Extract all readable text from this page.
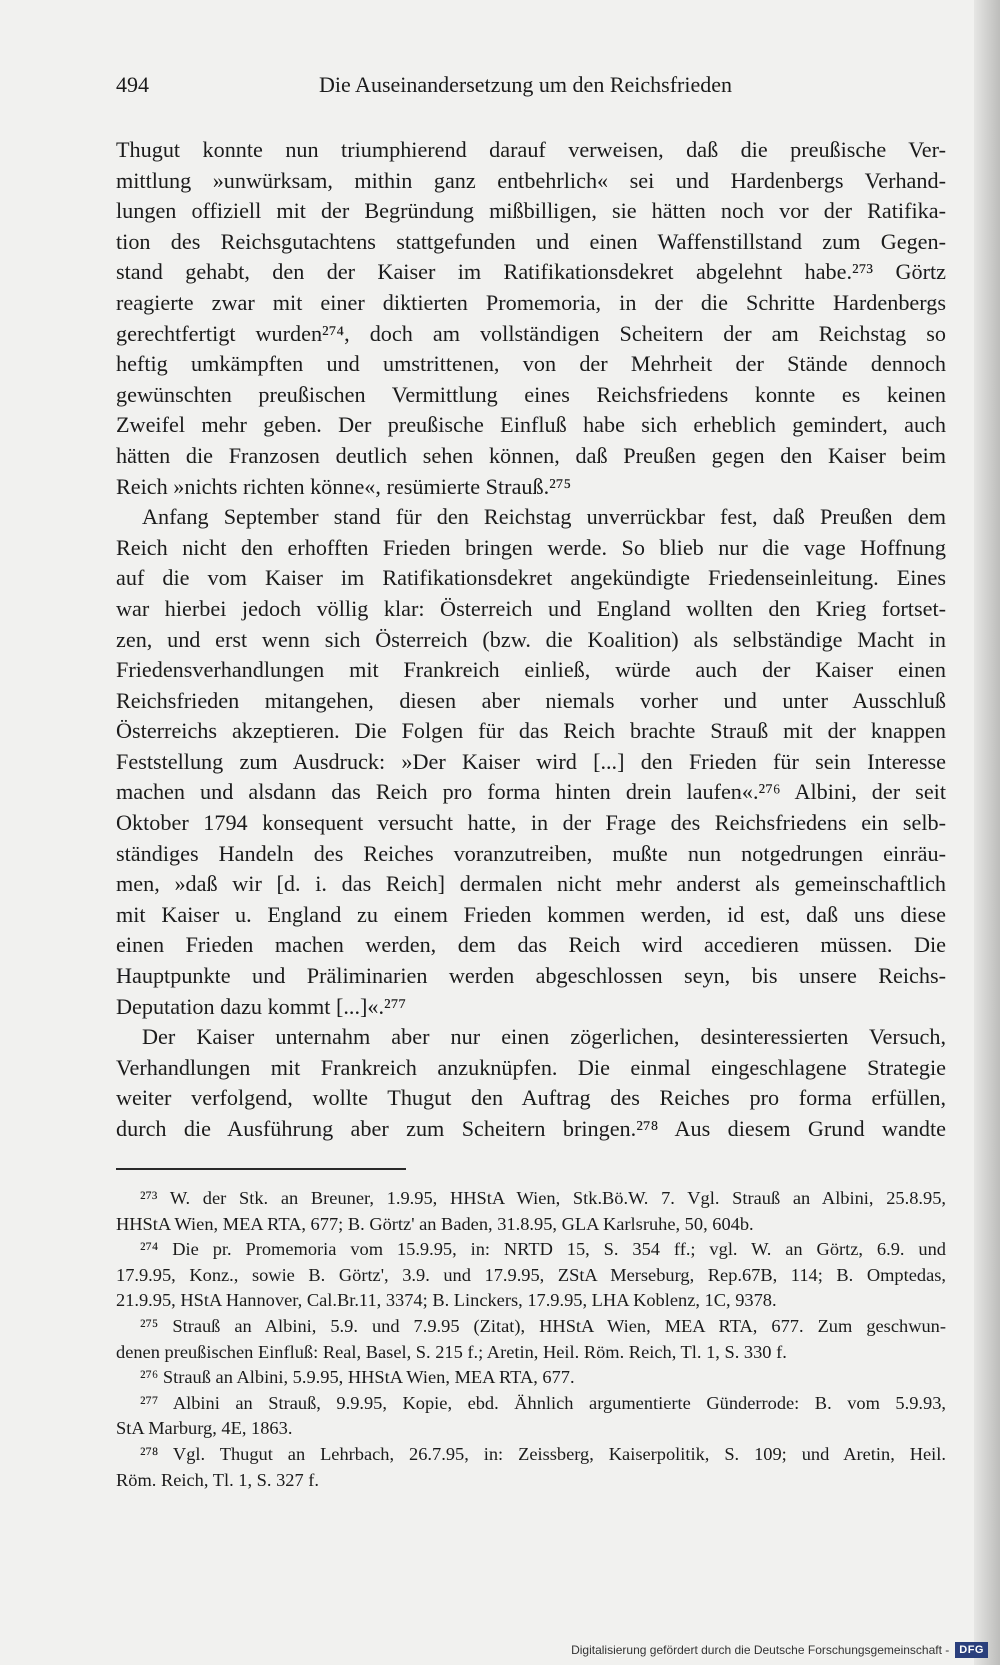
494	Die Auseinandersetzung um den Reichsfrieden
Thugut konnte nun triumphierend darauf verweisen, daß die preußische Ver-
mittlung »unwürksam, mithin ganz entbehrlich« sei und Hardenbergs Verhand-
lungen offiziell mit der Begründung mißbilligen, sie hätten noch vor der Ratifika-
tion des Reichsgutachtens stattgefunden und einen Waffenstillstand zum Gegen-
stand gehabt, den der Kaiser im Ratifikationsdekret abgelehnt habe.²⁷³ Görtz
reagierte zwar mit einer diktierten Promemoria, in der die Schritte Hardenbergs
gerechtfertigt wurden²⁷⁴, doch am vollständigen Scheitern der am Reichstag so
heftig umkämpften und umstrittenen, von der Mehrheit der Stände dennoch
gewünschten preußischen Vermittlung eines Reichsfriedens konnte es keinen
Zweifel mehr geben. Der preußische Einfluß habe sich erheblich gemindert, auch
hätten die Franzosen deutlich sehen können, daß Preußen gegen den Kaiser beim
Reich »nichts richten könne«, resümierte Strauß.²⁷⁵
Anfang September stand für den Reichstag unverrückbar fest, daß Preußen dem
Reich nicht den erhofften Frieden bringen werde. So blieb nur die vage Hoffnung
auf die vom Kaiser im Ratifikationsdekret angekündigte Friedenseinleitung. Eines
war hierbei jedoch völlig klar: Österreich und England wollten den Krieg fortset-
zen, und erst wenn sich Österreich (bzw. die Koalition) als selbständige Macht in
Friedensverhandlungen mit Frankreich einließ, würde auch der Kaiser einen
Reichsfrieden mitangehen, diesen aber niemals vorher und unter Ausschluß
Österreichs akzeptieren. Die Folgen für das Reich brachte Strauß mit der knappen
Feststellung zum Ausdruck: »Der Kaiser wird [...] den Frieden für sein Interesse
machen und alsdann das Reich pro forma hinten drein laufen«.²⁷⁶ Albini, der seit
Oktober 1794 konsequent versucht hatte, in der Frage des Reichsfriedens ein selb-
ständiges Handeln des Reiches voranzutreiben, mußte nun notgedrungen einräu-
men, »daß wir [d. i. das Reich] dermalen nicht mehr anderst als gemeinschaftlich
mit Kaiser u. England zu einem Frieden kommen werden, id est, daß uns diese
einen Frieden machen werden, dem das Reich wird accedieren müssen. Die
Hauptpunkte und Präliminarien werden abgeschlossen seyn, bis unsere Reichs-
Deputation dazu kommt [...]«.²⁷⁷
Der Kaiser unternahm aber nur einen zögerlichen, desinteressierten Versuch,
Verhandlungen mit Frankreich anzuknüpfen. Die einmal eingeschlagene Strategie
weiter verfolgend, wollte Thugut den Auftrag des Reiches pro forma erfüllen,
durch die Ausführung aber zum Scheitern bringen.²⁷⁸ Aus diesem Grund wandte
²⁷³ W. der Stk. an Breuner, 1.9.95, HHStA Wien, Stk.Bö.W. 7. Vgl. Strauß an Albini, 25.8.95,
HHStA Wien, MEA RTA, 677; B. Görtz' an Baden, 31.8.95, GLA Karlsruhe, 50, 604b.
²⁷⁴ Die pr. Promemoria vom 15.9.95, in: NRTD 15, S. 354 ff.; vgl. W. an Görtz, 6.9. und
17.9.95, Konz., sowie B. Görtz', 3.9. und 17.9.95, ZStA Merseburg, Rep.67B, 114; B. Omptedas,
21.9.95, HStA Hannover, Cal.Br.11, 3374; B. Linckers, 17.9.95, LHA Koblenz, 1C, 9378.
²⁷⁵ Strauß an Albini, 5.9. und 7.9.95 (Zitat), HHStA Wien, MEA RTA, 677. Zum geschwun-
denen preußischen Einfluß: Real, Basel, S. 215 f.; Aretin, Heil. Röm. Reich, Tl. 1, S. 330 f.
²⁷⁶ Strauß an Albini, 5.9.95, HHStA Wien, MEA RTA, 677.
²⁷⁷ Albini an Strauß, 9.9.95, Kopie, ebd. Ähnlich argumentierte Günderrode: B. vom 5.9.93,
StA Marburg, 4E, 1863.
²⁷⁸ Vgl. Thugut an Lehrbach, 26.7.95, in: Zeissberg, Kaiserpolitik, S. 109; und Aretin, Heil.
Röm. Reich, Tl. 1, S. 327 f.
Digitalisierung gefördert durch die Deutsche Forschungsgemeinschaft - DFG
